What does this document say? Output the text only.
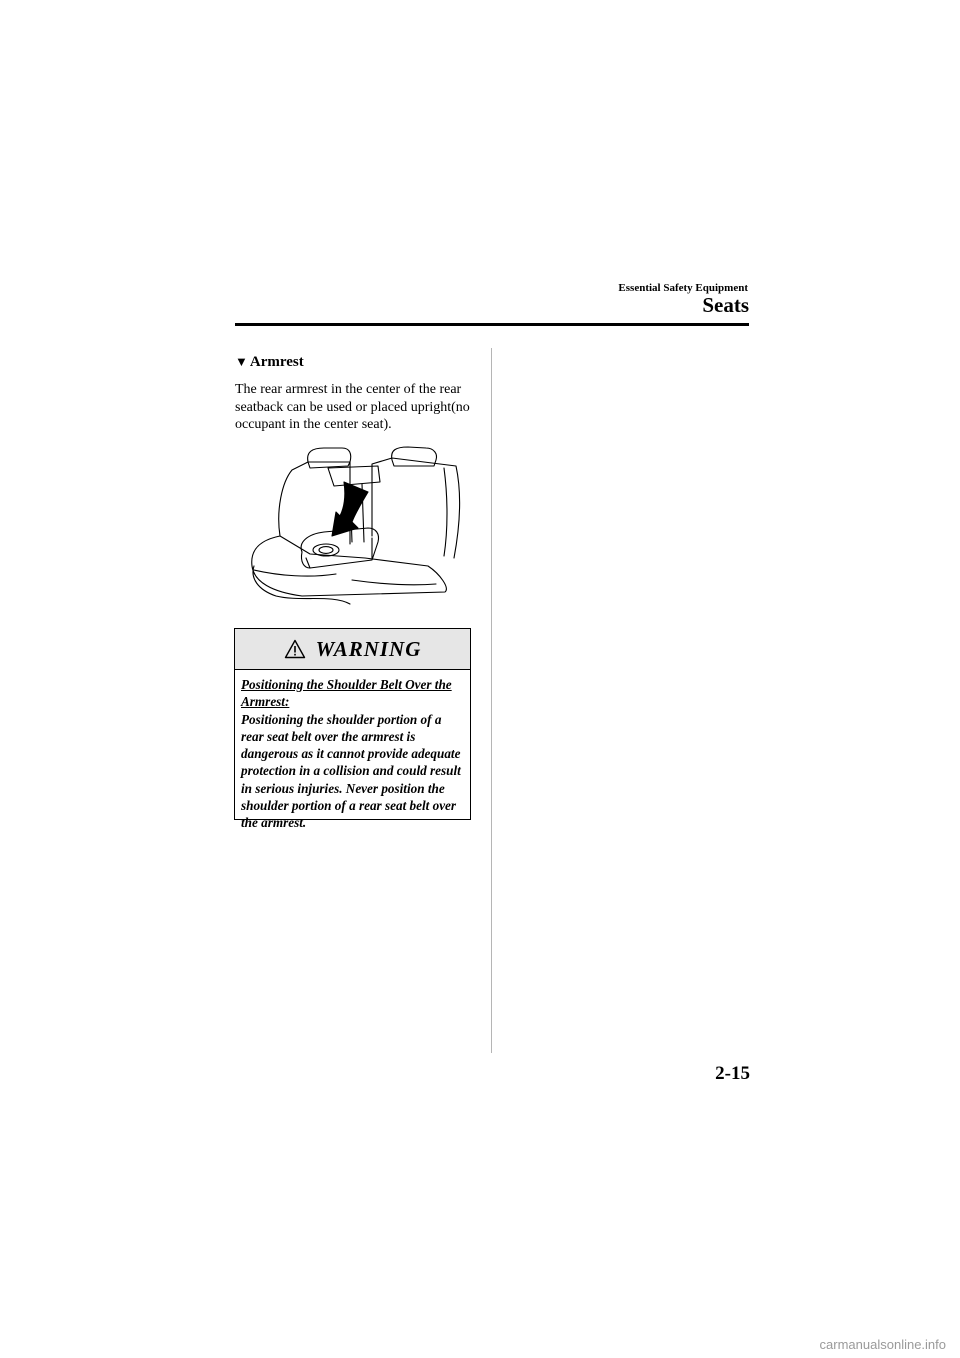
Essential Safety Equipment
Seats
▼ Armrest
The rear armrest in the center of the rear seatback can be used or placed upright(no occupant in the center seat).
WARNING
Positioning the Shoulder Belt Over the Armrest:
Positioning the shoulder portion of a rear seat belt over the armrest is dangerous as it cannot provide adequate protection in a collision and could result in serious injuries. Never position the shoulder portion of a rear seat belt over the armrest.
2-15
carmanualsonline.info
